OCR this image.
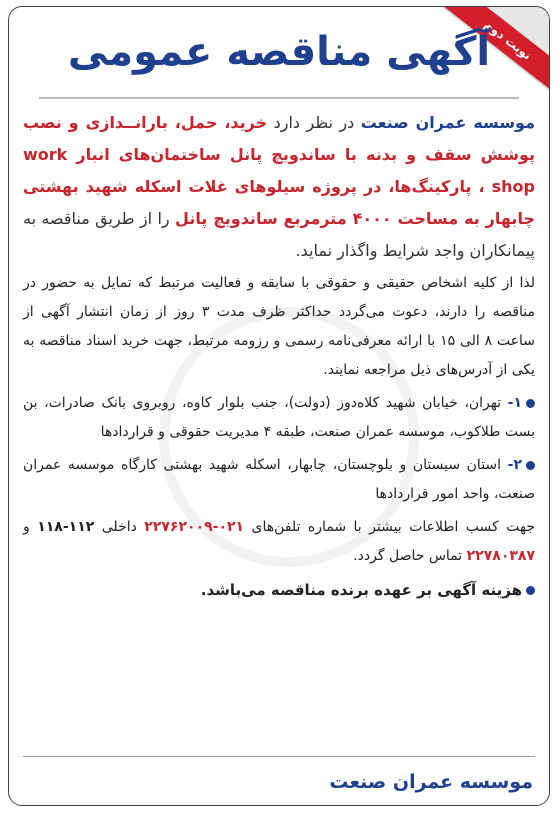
نوبت دوم
آگهی مناقصه عمومی
موسسه عمران صنعت در نظر دارد خرید، حمل، بارانــدازی و نصب پوشش سقف و بدنه با ساندویچ پانل ساختمان‌های انبار work shop ، پارکینگ‌ها، در پروژه سیلوهای غلات اسکله شهید بهشتی چابهار به مساحت ۴۰۰۰ مترمربع ساندویچ پانل را از طریق مناقصه به پیمانکاران واجد شرایط واگذار نماید.
لذا از کلیه اشخاص حقیقی و حقوقی با سابقه و فعالیت مرتبط که تمایل به حضور در مناقصه را دارند، دعوت می‌گردد حداکثر ظرف مدت ۳ روز از زمان انتشار آگهی از ساعت ۸ الی ۱۵ با ارائه معرفی‌نامه رسمی و رزومه مرتبط، جهت خرید اسناد مناقصه به یکی از آدرس‌های ذیل مراجعه نمایند.
۱- تهران، خیابان شهید کلاه‌دوز (دولت)، جنب بلوار کاوه، روبروی بانک صادرات، بن بست طلاکوب، موسسه عمران صنعت، طبقه ۴ مدیریت حقوقی و قراردادها
۲- استان سیستان و بلوچستان، چابهار، اسکله شهید بهشتی کارگاه موسسه عمران صنعت، واحد امور قراردادها
جهت کسب اطلاعات بیشتر با شماره تلفن‌های ۰۲۱-۲۲۷۶۲۰۰۹ داخلی ۱۱۲-۱۱۸ و ۲۲۷۸۰۳۸۷ تماس حاصل گردد.
هزینه آگهی بر عهده برنده مناقصه می‌باشد.
موسسه عمران صنعت
